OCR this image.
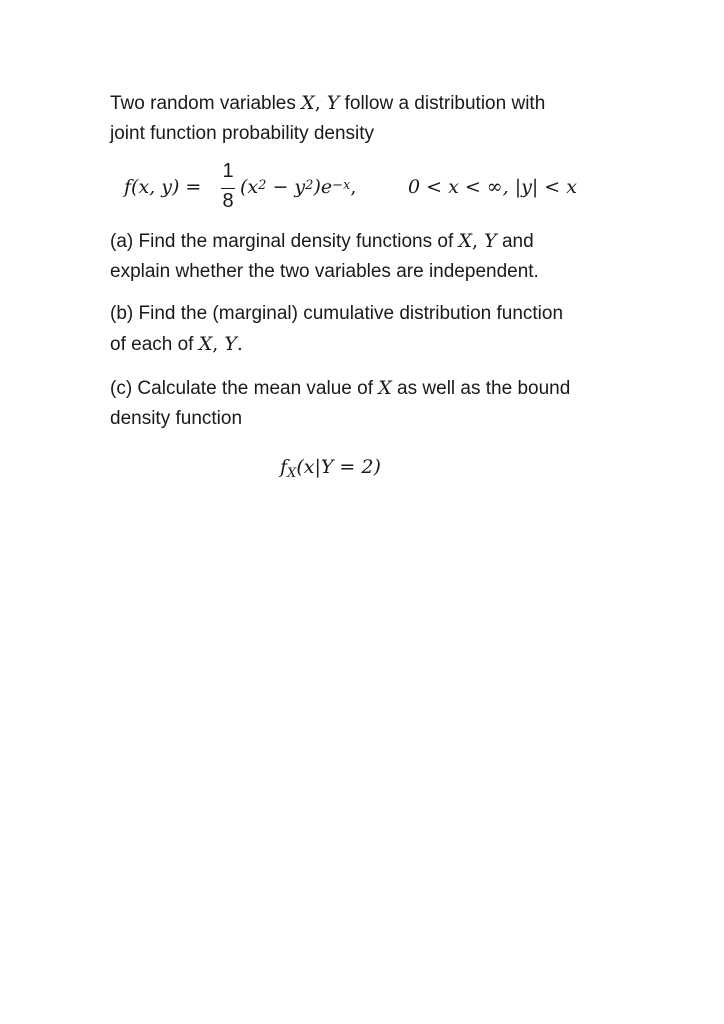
Two random variables X, Y follow a distribution with
joint function probability density

f(x, y) =
1
8
$(x^2 - y^2)e^{-x}$,	0 < x < ∞, |y| < x

(a) Find the marginal density functions of X, Y and
explain whether the two variables are independent.

(b) Find the (marginal) cumulative distribution function
of each of X, Y.

(c) Calculate the mean value of X as well as the bound
density function

$f_X(x|Y = 2)$
